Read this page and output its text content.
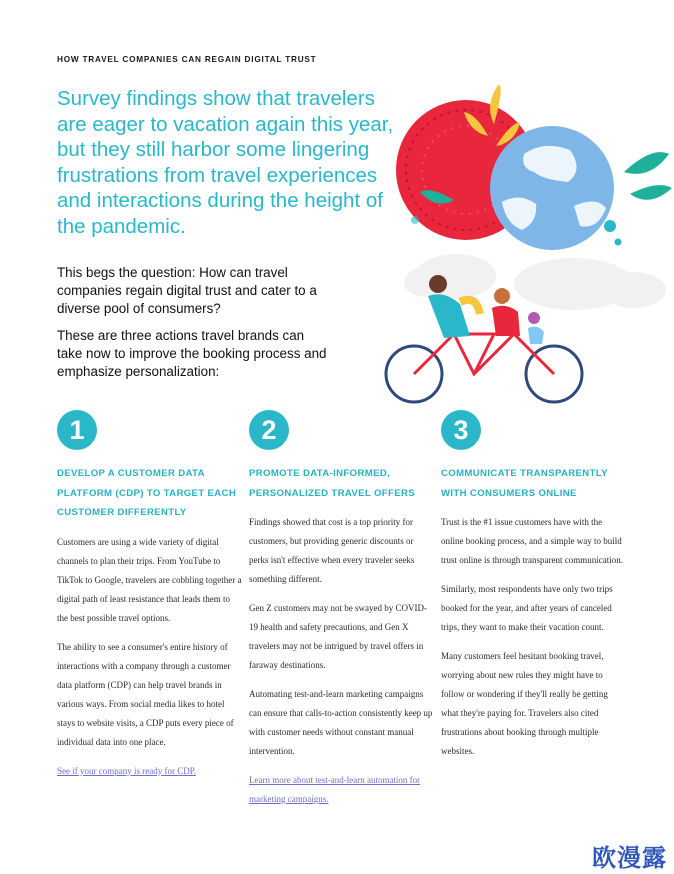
HOW TRAVEL COMPANIES CAN REGAIN DIGITAL TRUST
Survey findings show that travelers are eager to vacation again this year, but they still harbor some lingering frustrations from travel experiences and interactions during the height of the pandemic.
This begs the question: How can travel companies regain digital trust and cater to a diverse pool of consumers?
These are three actions travel brands can take now to improve the booking process and emphasize personalization:
1
DEVELOP A CUSTOMER DATA PLATFORM (CDP) TO TARGET EACH CUSTOMER DIFFERENTLY

Customers are using a wide variety of digital channels to plan their trips. From YouTube to TikTok to Google, travelers are cobbling together a digital path of least resistance that leads them to the best possible travel options.

The ability to see a consumer's entire history of interactions with a company through a customer data platform (CDP) can help travel brands in various ways. From social media likes to hotel stays to website visits, a CDP puts every piece of individual data into one place.

See if your company is ready for CDP.
2
PROMOTE DATA-INFORMED, PERSONALIZED TRAVEL OFFERS

Findings showed that cost is a top priority for customers, but providing generic discounts or perks isn't effective when every traveler seeks something different.

Gen Z customers may not be swayed by COVID-19 health and safety precautions, and Gen X travelers may not be intrigued by travel offers in faraway destinations.

Automating test-and-learn marketing campaigns can ensure that calls-to-action consistently keep up with customer needs without constant manual intervention.

Learn more about test-and-learn automation for marketing campaigns.
3
COMMUNICATE TRANSPARENTLY WITH CONSUMERS ONLINE

Trust is the #1 issue customers have with the online booking process, and a simple way to build trust online is through transparent communication.

Similarly, most respondents have only two trips booked for the year, and after years of canceled trips, they want to make their vacation count.

Many customers feel hesitant booking travel, worrying about new rules they might have to follow or wondering if they'll really be getting what they're paying for. Travelers also cited frustrations about booking through multiple websites.

欧漫露
